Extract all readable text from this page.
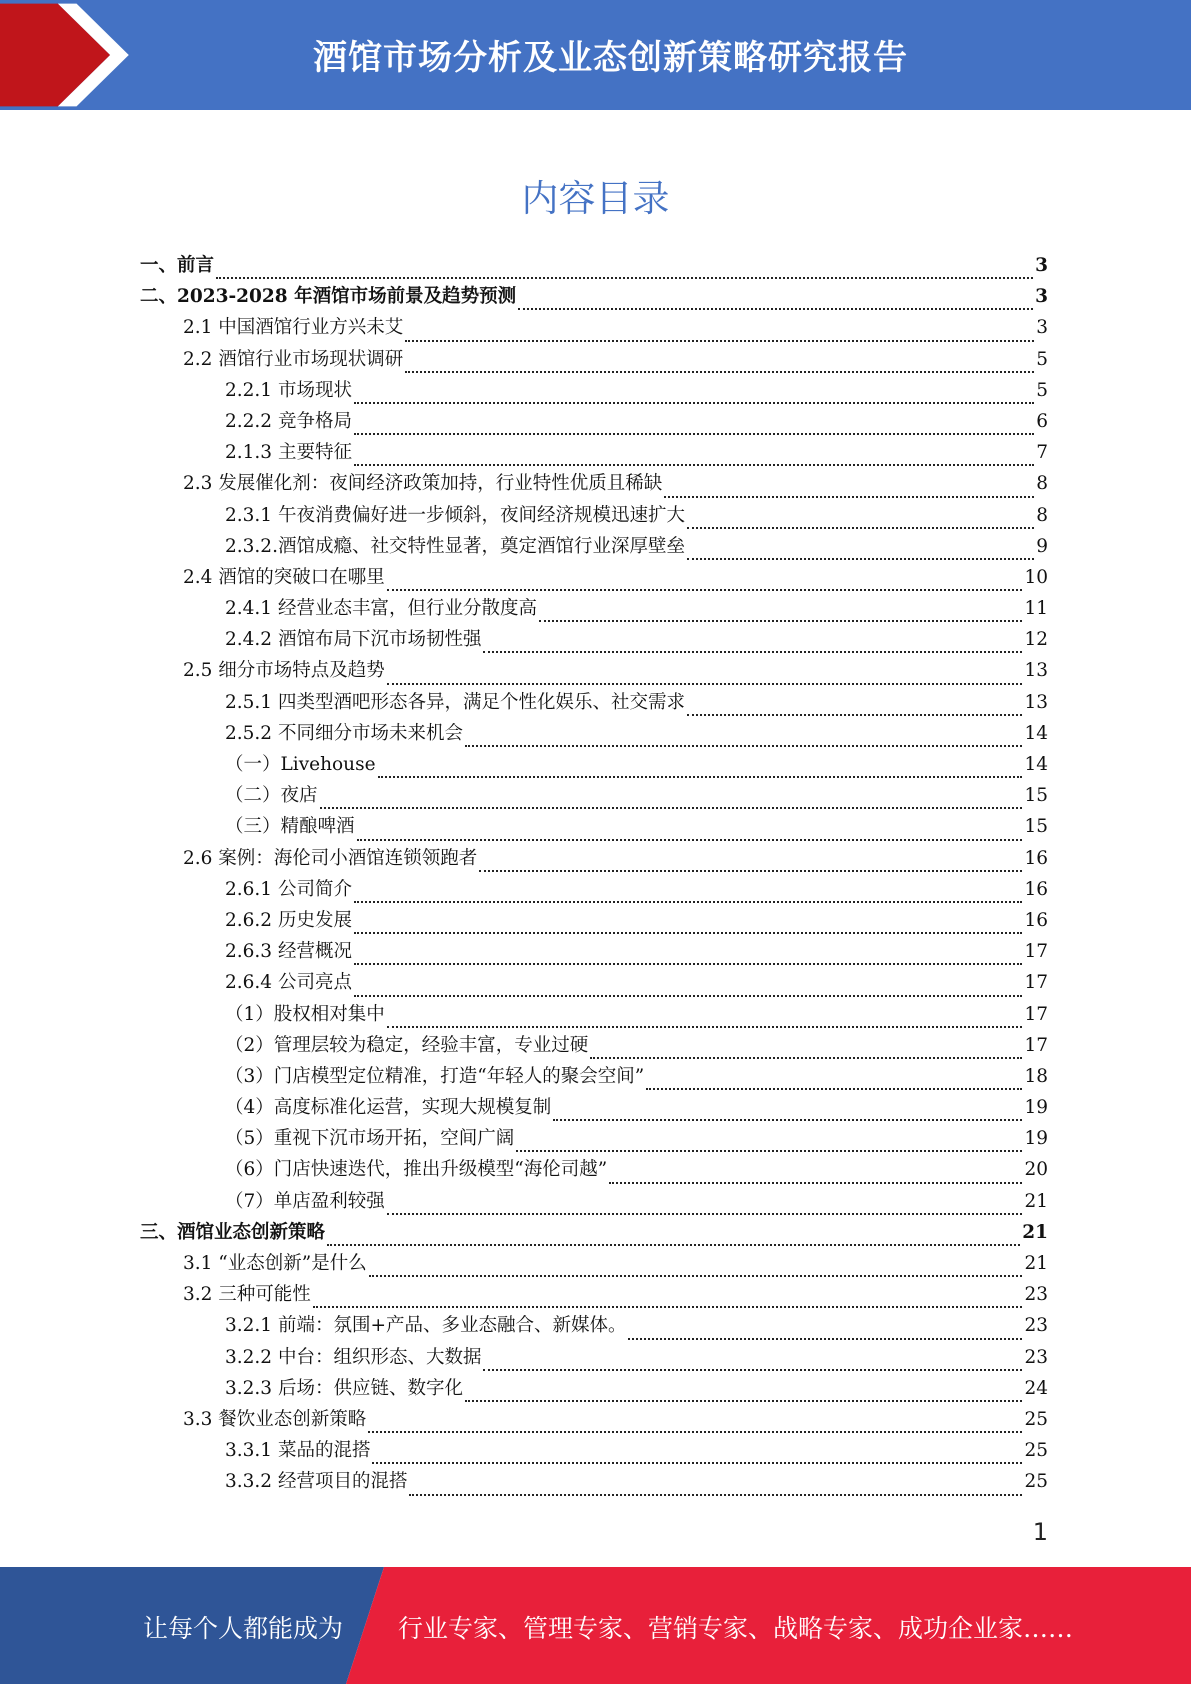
酒馆市场分析及业态创新策略研究报告
内容目录
一、前言	3
二、2023-2028 年酒馆市场前景及趋势预测	3
2.1 中国酒馆行业方兴未艾	3
2.2 酒馆行业市场现状调研	5
2.2.1 市场现状	5
2.2.2 竞争格局	6
2.1.3 主要特征	7
2.3 发展催化剂：夜间经济政策加持，行业特性优质且稀缺	8
2.3.1 午夜消费偏好进一步倾斜，夜间经济规模迅速扩大	8
2.3.2.酒馆成瘾、社交特性显著，奠定酒馆行业深厚壁垒	9
2.4 酒馆的突破口在哪里	10
2.4.1 经营业态丰富，但行业分散度高	11
2.4.2 酒馆布局下沉市场韧性强	12
2.5 细分市场特点及趋势	13
2.5.1 四类型酒吧形态各异，满足个性化娱乐、社交需求	13
2.5.2 不同细分市场未来机会	14
（一）Livehouse	14
（二）夜店	15
（三）精酿啤酒	15
2.6 案例：海伦司小酒馆连锁领跑者	16
2.6.1 公司简介	16
2.6.2 历史发展	16
2.6.3 经营概况	17
2.6.4 公司亮点	17
（1）股权相对集中	17
（2）管理层较为稳定，经验丰富，专业过硬	17
（3）门店模型定位精准，打造“年轻人的聚会空间”	18
（4）高度标准化运营，实现大规模复制	19
（5）重视下沉市场开拓，空间广阔	19
（6）门店快速迭代，推出升级模型“海伦司越”	20
（7）单店盈利较强	21
三、酒馆业态创新策略	21
3.1 “业态创新”是什么	21
3.2 三种可能性	23
3.2.1 前端：氛围+产品、多业态融合、新媒体。	23
3.2.2 中台：组织形态、大数据	23
3.2.3 后场：供应链、数字化	24
3.3 餐饮业态创新策略	25
3.3.1 菜品的混搭	25
3.3.2 经营项目的混搭	25
1
让每个人都能成为 行业专家、管理专家、营销专家、战略专家、成功企业家……
